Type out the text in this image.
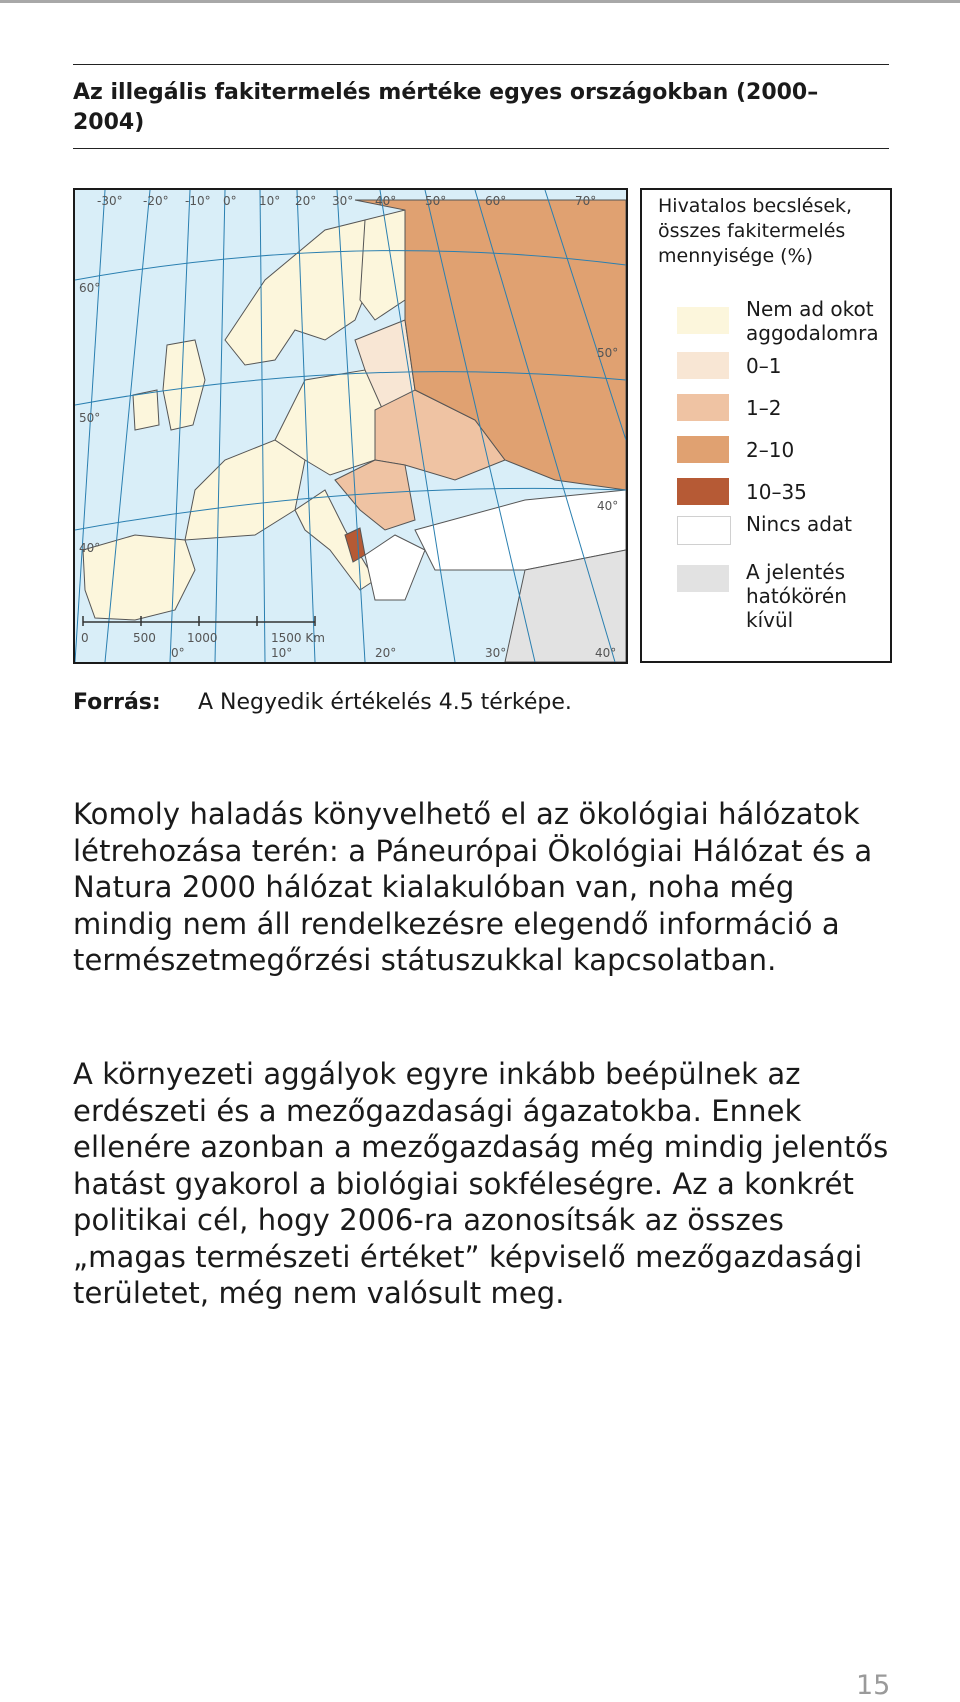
Az illegális fakitermelés mértéke egyes országokban (2000–2004)
-30° -20° -10° 0° 10° 20° 30° 40° 50°	60°	70°
60°
50°
40°
50°
40°
0	500	1000	1500 Km
0°	10°	20°	30°	40°
Hivatalos becslések, összes fakitermelés mennyisége (%)
Nem ad okot aggodalomra
0–1
1–2
2–10
10–35
Nincs adat
A jelentés hatókörén kívül
Forrás: A Negyedik értékelés 4.5 térképe.

Komoly haladás könyvelhető el az ökológiai hálózatok létrehozása terén: a Páneurópai Ökológiai Hálózat és a Natura 2000 hálózat kialakulóban van, noha még mindig nem áll rendelkezésre elegendő információ a természetmegőrzési státuszukkal kapcsolatban.

A környezeti aggályok egyre inkább beépülnek az erdészeti és a mezőgazdasági ágazatokba. Ennek ellenére azonban a mezőgazdaság még mindig jelentős hatást gyakorol a biológiai sokféleségre. Az a konkrét politikai cél, hogy 2006-ra azonosítsák az összes „magas természeti értéket” képviselő mezőgazdasági területet, még nem valósult meg.

15
